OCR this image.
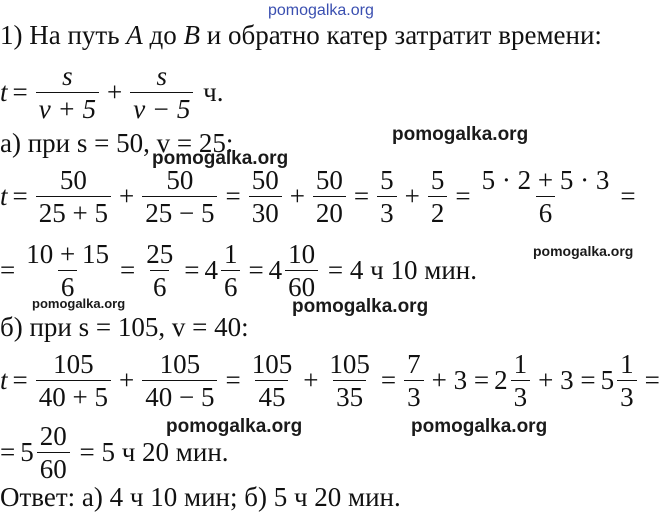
pomogalka.org
1) На путь
A
до
B
и обратно катер затратит времени:
$t = \frac{s}{v + 5} + \frac{s}{v - 5}$
ч.
а) при s = 50, v = 25:
$t = \frac{50}{25 + 5} + \frac{50}{25 - 5} = \frac{50}{30} + \frac{50}{20} = \frac{5}{3} + \frac{5}{2} = \frac{5 \cdot 2 + 5 \cdot 3}{6}$ =
= $\frac{10 + 15}{6} = \frac{25}{6} = 4 \frac{1}{6} = 4 \frac{10}{60}$
= 4 ч 10 мин.
б) при s = 105, v = 40:
$t = \frac{105}{40 + 5} + \frac{105}{40 - 5} = \frac{105}{45} + \frac{105}{35} = \frac{7}{3} + 3 = 2 \frac{1}{3} + 3 = 5 \frac{1}{3}$ =
= $5 \frac{20}{60}$
= 5 ч 20 мин.
Ответ: а) 4 ч 10 мин; б) 5 ч 20 мин.
pomogalka.org
pomogalka.org
pomogalka.org
pomogalka.org	pomogalka.org
pomogalka.org	pomogalka.org
